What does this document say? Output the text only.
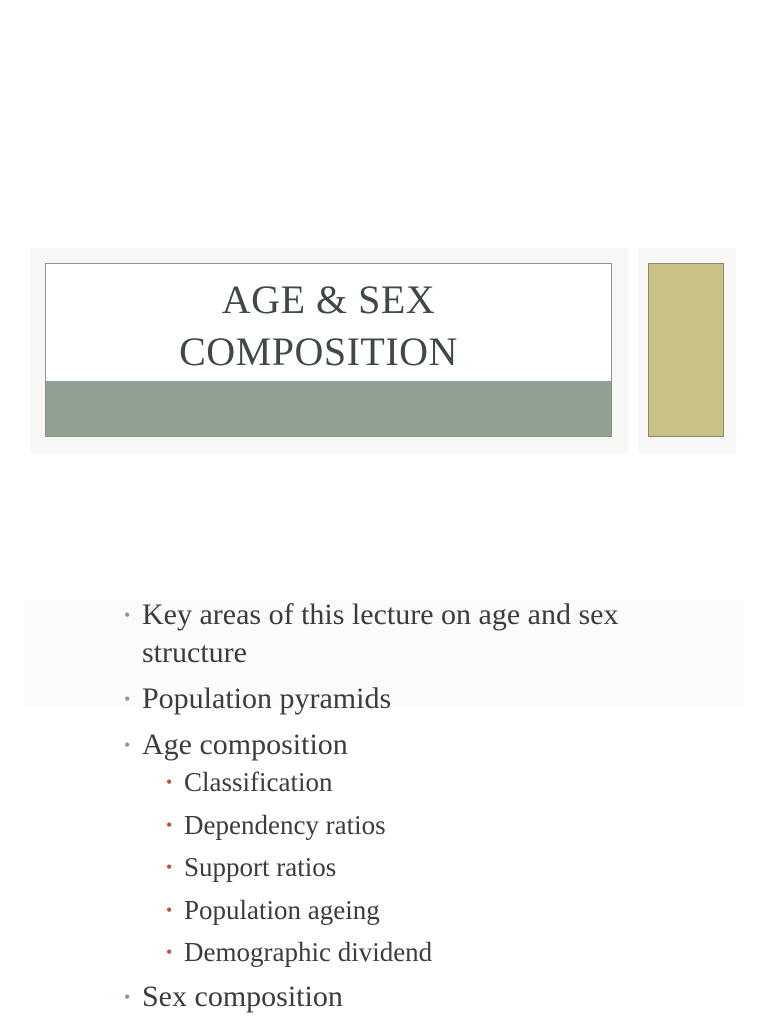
AGE & SEX
COMPOSITION
• Key areas of this lecture on age and sex structure
• Population pyramids
• Age composition
• Classification
• Dependency ratios
• Support ratios
• Population ageing
• Demographic dividend
• Sex composition
